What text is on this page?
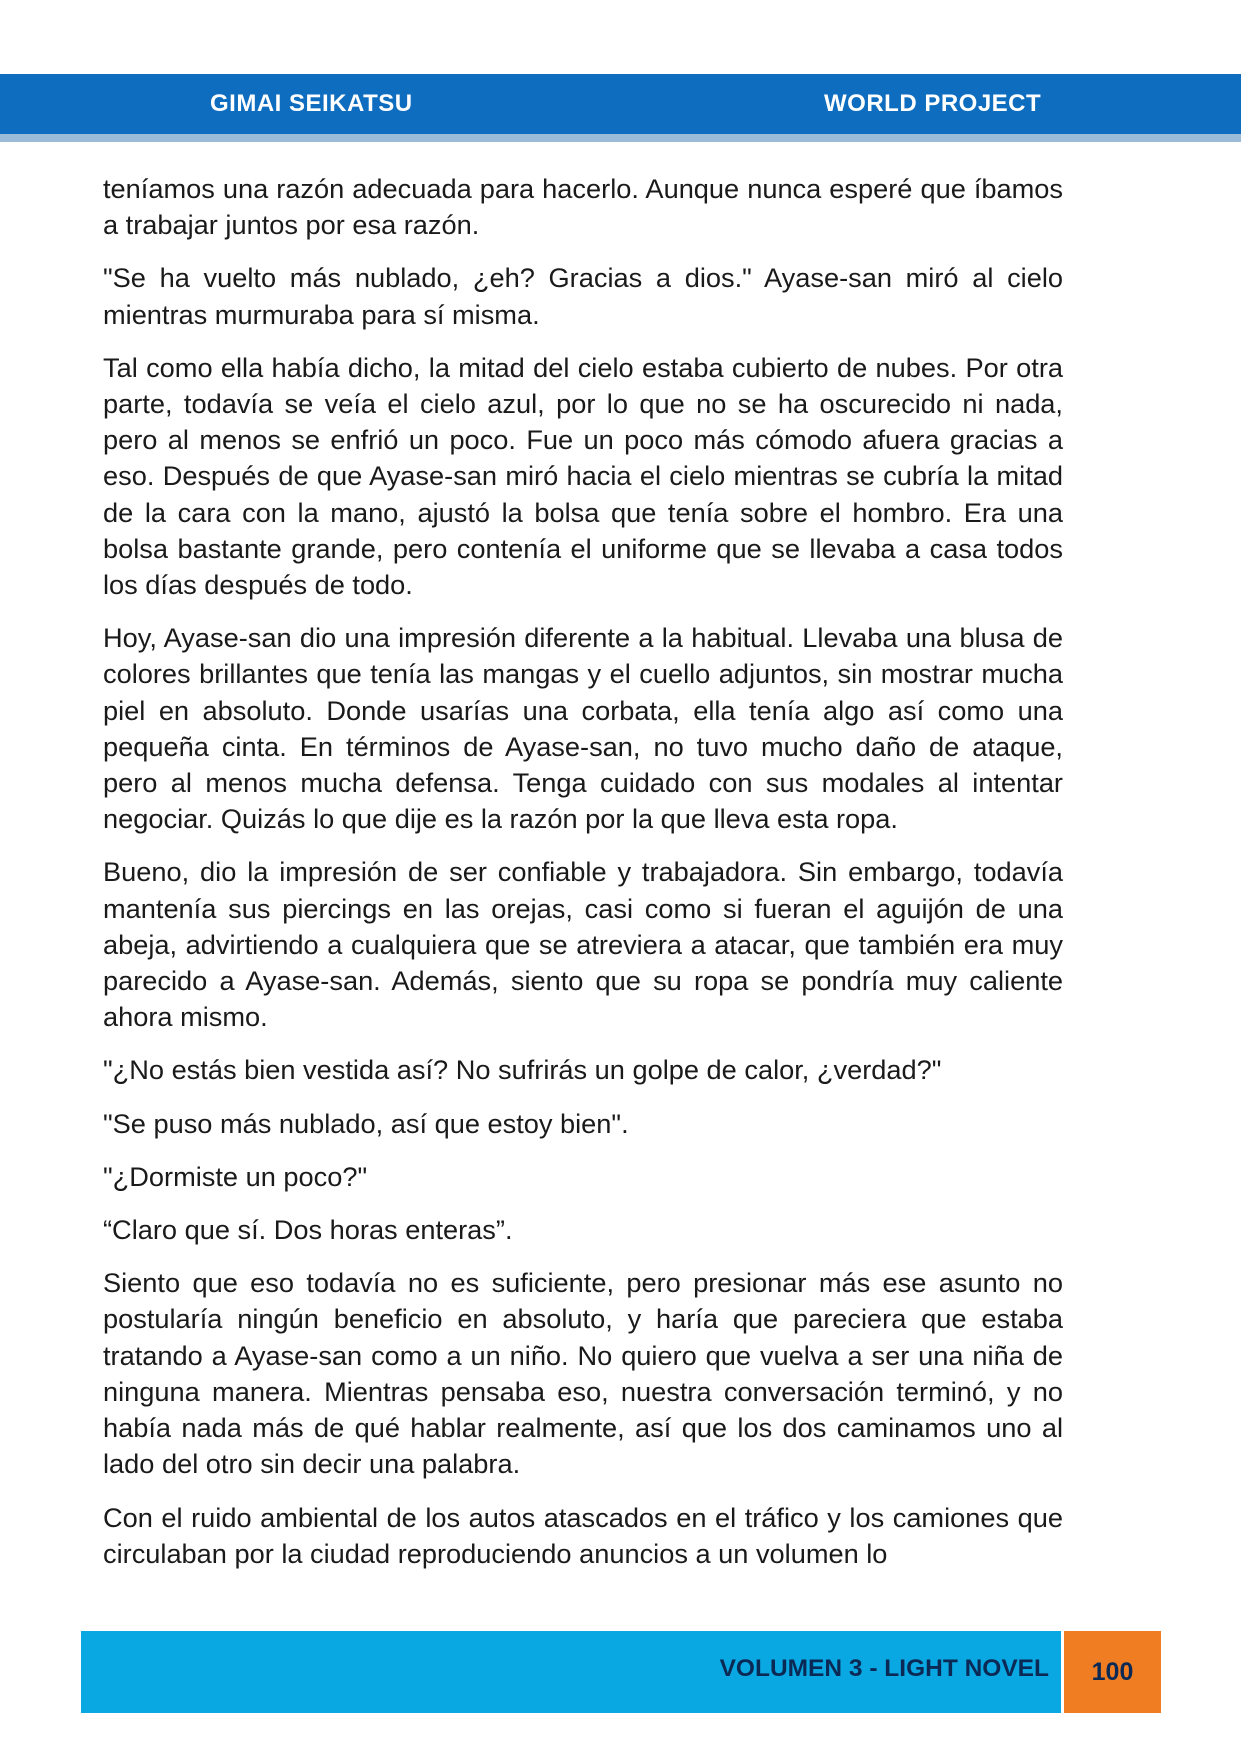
GIMAI SEIKATSU	WORLD PROJECT

teníamos una razón adecuada para hacerlo. Aunque nunca esperé que íbamos a trabajar juntos por esa razón.

"Se ha vuelto más nublado, ¿eh? Gracias a dios." Ayase-san miró al cielo mientras murmuraba para sí misma.

Tal como ella había dicho, la mitad del cielo estaba cubierto de nubes. Por otra parte, todavía se veía el cielo azul, por lo que no se ha oscurecido ni nada, pero al menos se enfrió un poco. Fue un poco más cómodo afuera gracias a eso. Después de que Ayase-san miró hacia el cielo mientras se cubría la mitad de la cara con la mano, ajustó la bolsa que tenía sobre el hombro. Era una bolsa bastante grande, pero contenía el uniforme que se llevaba a casa todos los días después de todo.

Hoy, Ayase-san dio una impresión diferente a la habitual. Llevaba una blusa de colores brillantes que tenía las mangas y el cuello adjuntos, sin mostrar mucha piel en absoluto. Donde usarías una corbata, ella tenía algo así como una pequeña cinta. En términos de Ayase-san, no tuvo mucho daño de ataque, pero al menos mucha defensa. Tenga cuidado con sus modales al intentar negociar. Quizás lo que dije es la razón por la que lleva esta ropa.

Bueno, dio la impresión de ser confiable y trabajadora. Sin embargo, todavía mantenía sus piercings en las orejas, casi como si fueran el aguijón de una abeja, advirtiendo a cualquiera que se atreviera a atacar, que también era muy parecido a Ayase-san. Además, siento que su ropa se pondría muy caliente ahora mismo.

"¿No estás bien vestida así? No sufrirás un golpe de calor, ¿verdad?"

"Se puso más nublado, así que estoy bien".

"¿Dormiste un poco?"

“Claro que sí. Dos horas enteras”.

Siento que eso todavía no es suficiente, pero presionar más ese asunto no postularía ningún beneficio en absoluto, y haría que pareciera que estaba tratando a Ayase-san como a un niño. No quiero que vuelva a ser una niña de ninguna manera. Mientras pensaba eso, nuestra conversación terminó, y no había nada más de qué hablar realmente, así que los dos caminamos uno al lado del otro sin decir una palabra.

Con el ruido ambiental de los autos atascados en el tráfico y los camiones que circulaban por la ciudad reproduciendo anuncios a un volumen lo

VOLUMEN 3 - LIGHT NOVEL	100
